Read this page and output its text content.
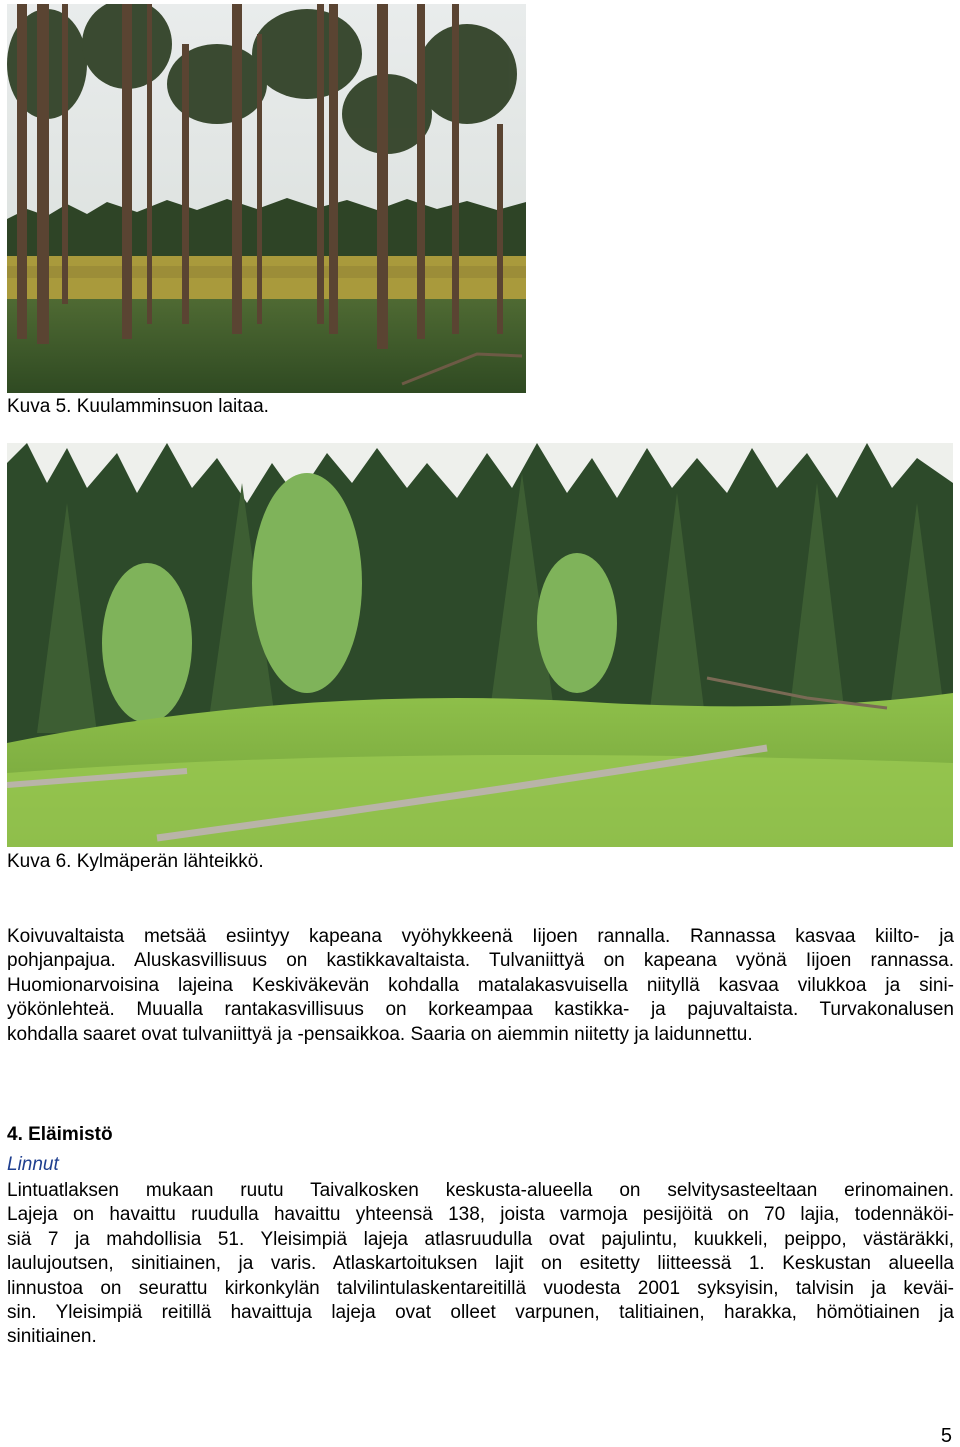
Kuva 5. Kuulamminsuon laitaa.
Kuva 6. Kylmäperän lähteikkö.
Koivuvaltaista metsää esiintyy kapeana vyöhykkeenä Iijoen rannalla. Rannassa kasvaa kiilto- ja
pohjanpajua. Aluskasvillisuus on kastikkavaltaista. Tulvaniittyä on kapeana vyönä Iijoen rannassa.
Huomionarvoisina lajeina Keskiväkevän kohdalla matalakasvuisella niityllä kasvaa vilukkoa ja sini-
yökönlehteä. Muualla rantakasvillisuus on korkeampaa kastikka- ja pajuvaltaista. Turvakonalusen
kohdalla saaret ovat tulvaniittyä ja -pensaikkoa. Saaria on aiemmin niitetty ja laidunnettu.
4. Eläimistö
Linnut
Lintuatlaksen mukaan ruutu Taivalkosken keskusta-alueella on selvitysasteeltaan erinomainen.
Lajeja on havaittu ruudulla havaittu yhteensä 138, joista varmoja pesijöitä on 70 lajia, todennäköi-
siä 7 ja mahdollisia 51. Yleisimpiä lajeja atlasruudulla ovat pajulintu, kuukkeli, peippo, västäräkki,
laulujoutsen, sinitiainen, ja varis. Atlaskartoituksen lajit on esitetty liitteessä 1. Keskustan alueella
linnustoa on seurattu kirkonkylän talvilintulaskentareitillä vuodesta 2001 syksyisin, talvisin ja keväi-
sin. Yleisimpiä reitillä havaittuja lajeja ovat olleet varpunen, talitiainen, harakka, hömötiainen ja
sinitiainen.
5
